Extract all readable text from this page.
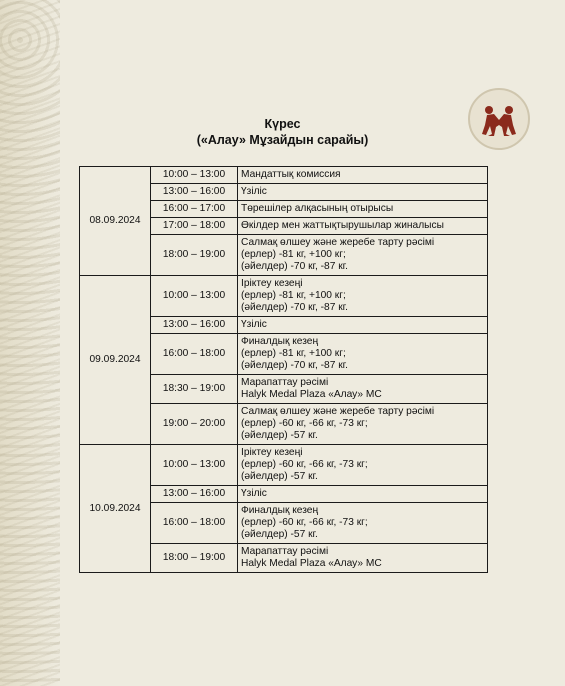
Күрес
(«Алау» Мұзайдын сарайы)
08.09.2024	10:00 – 13:00	Мандаттық комиссия
	13:00 – 16:00	Үзіліс
	16:00 – 17:00	Төрешілер алқасының отырысы
	17:00 – 18:00	Өкілдер мен жаттықтырушылар жиналысы
	18:00 – 19:00	Салмақ өлшеу және жеребе тарту рәсімі
(ерлер) -81 кг, +100 кг;
(әйелдер) -70 кг, -87 кг.
09.09.2024	10:00 – 13:00	Іріктеу кезеңі
(ерлер) -81 кг, +100 кг;
(әйелдер) -70 кг, -87 кг.
	13:00 – 16:00	Үзіліс
	16:00 – 18:00	Финалдық кезең
(ерлер) -81 кг, +100 кг;
(әйелдер) -70 кг, -87 кг.
	18:30 – 19:00	Марапаттау рәсімі
Halyk Medal Plaza «Алау» МС
	19:00 – 20:00	Салмақ өлшеу және жеребе тарту рәсімі
(ерлер) -60 кг, -66 кг, -73 кг;
(әйелдер) -57 кг.
10.09.2024	10:00 – 13:00	Іріктеу кезеңі
(ерлер) -60 кг, -66 кг, -73 кг;
(әйелдер) -57 кг.
	13:00 – 16:00	Үзіліс
	16:00 – 18:00	Финалдық кезең
(ерлер) -60 кг, -66 кг, -73 кг;
(әйелдер) -57 кг.
	18:00 – 19:00	Марапаттау рәсімі
Halyk Medal Plaza «Алау» МС
